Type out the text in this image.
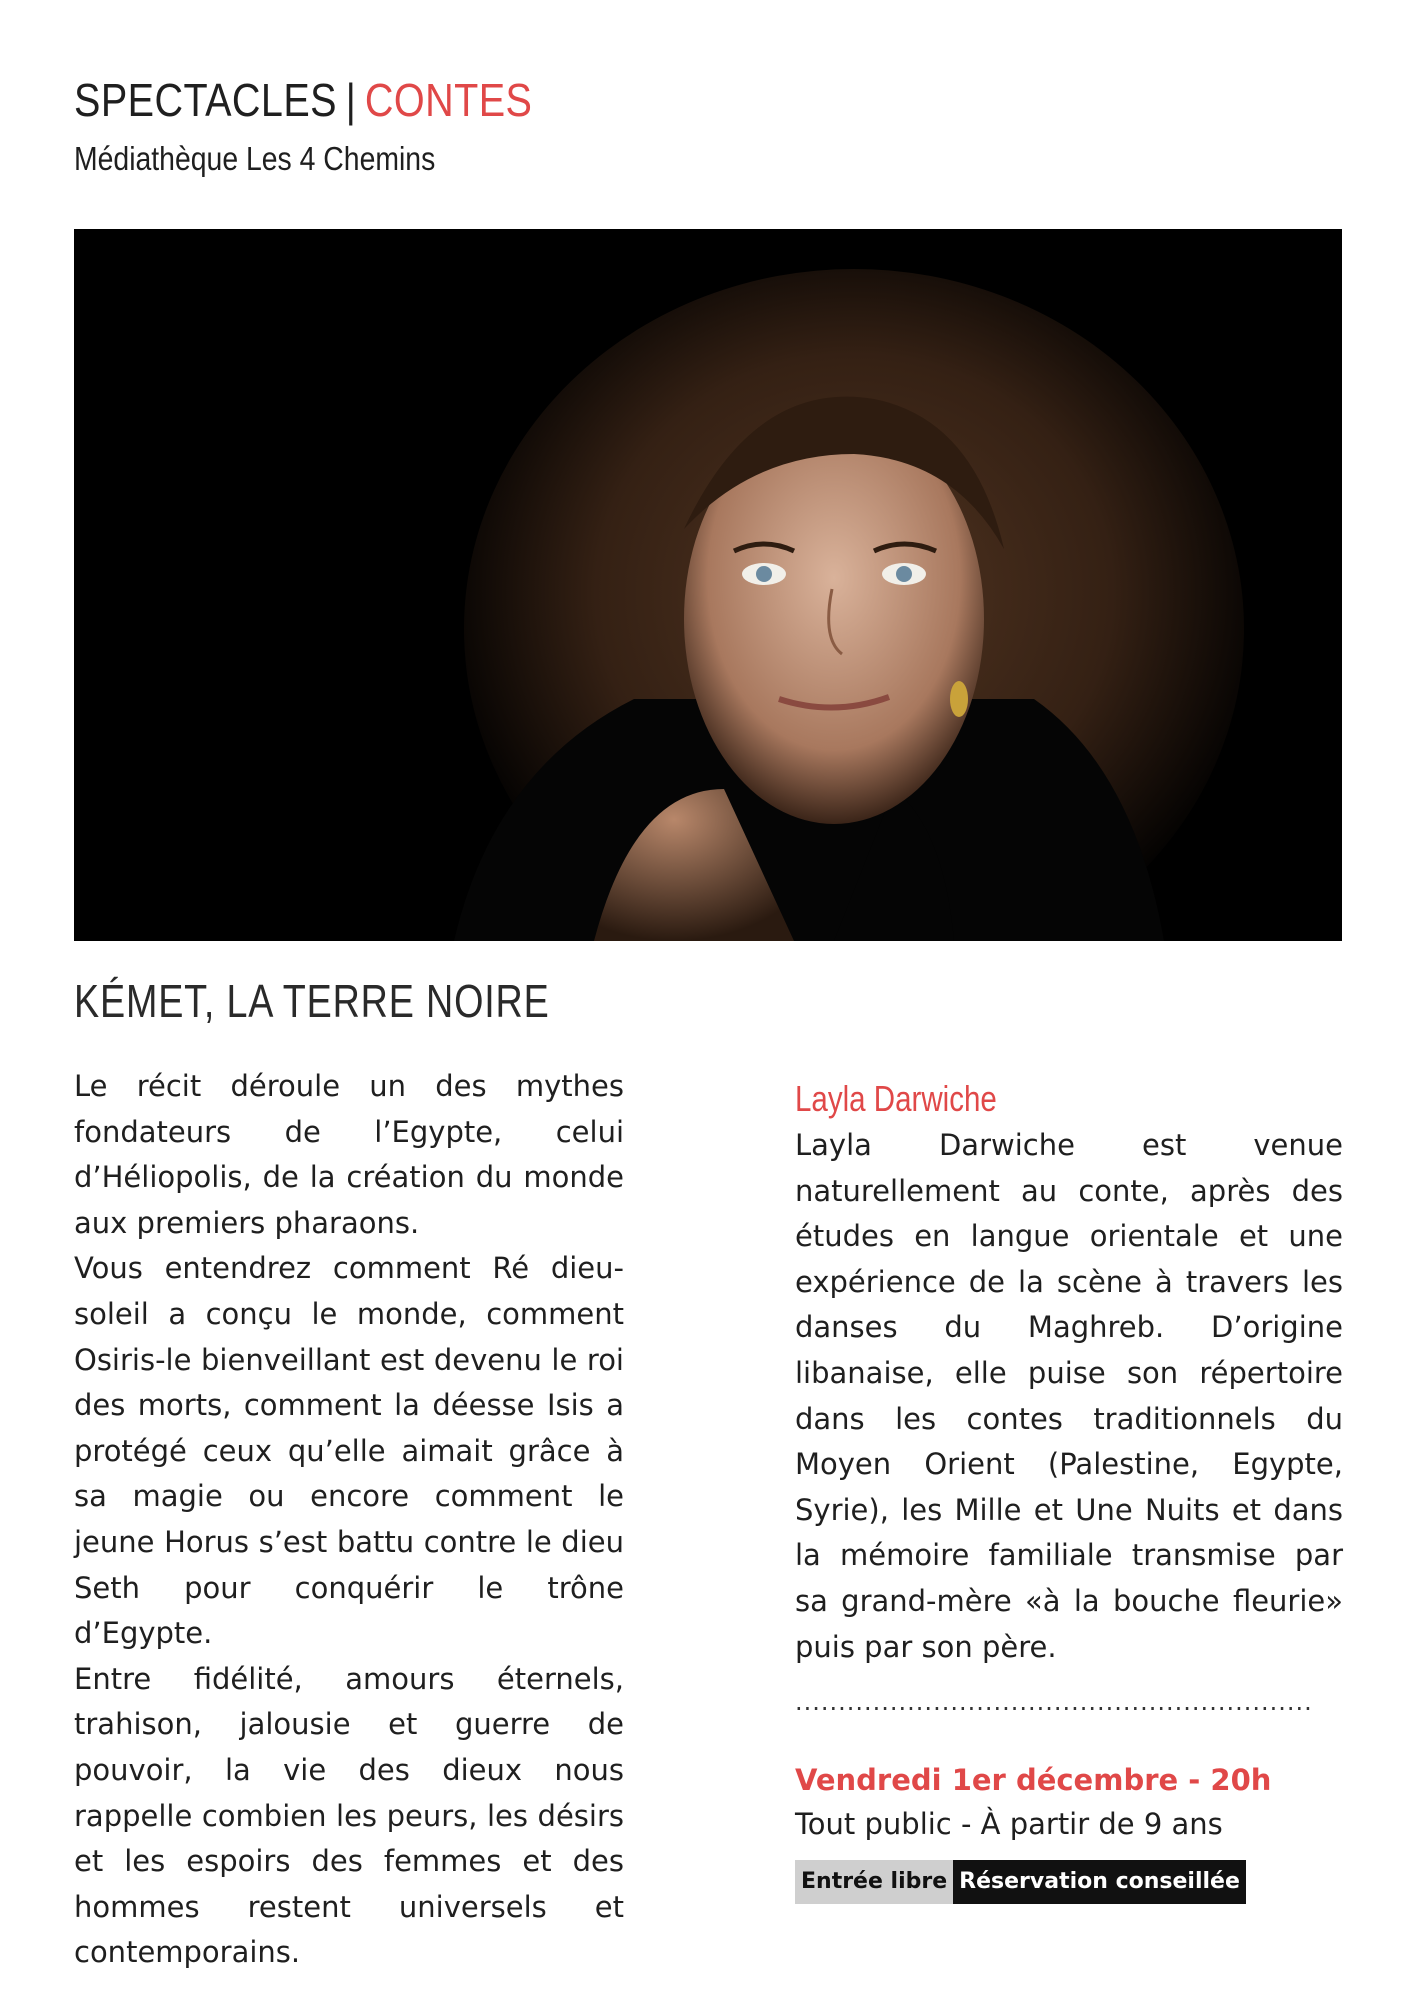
SPECTACLES | CONTES
Médiathèque Les 4 Chemins
KÉMET, LA TERRE NOIRE

Le récit déroule un des mythes fondateurs de l’Egypte, celui d’Héliopolis, de la création du monde aux premiers pharaons.

Vous entendrez comment Ré dieu-soleil a conçu le monde, comment Osiris-le bienveillant est devenu le roi des morts, comment la déesse Isis a protégé ceux qu’elle aimait grâce à sa magie ou encore comment le jeune Horus s’est battu contre le dieu Seth pour conquérir le trône d’Egypte.

Entre fidélité, amours éternels, trahison, jalousie et guerre de pouvoir, la vie des dieux nous rappelle combien les peurs, les désirs et les espoirs des femmes et des hommes restent universels et contemporains.

Layla Darwiche

Layla Darwiche est venue naturellement au conte, après des études en langue orientale et une expérience de la scène à travers les danses du Maghreb. D’origine libanaise, elle puise son répertoire dans les contes traditionnels du Moyen Orient (Palestine, Egypte, Syrie), les Mille et Une Nuits et dans la mémoire familiale transmise par sa grand-mère «à la bouche fleurie» puis par son père.

............................................................
Vendredi 1er décembre - 20h
Tout public - À partir de 9 ans
Entrée libre Réservation conseillée
